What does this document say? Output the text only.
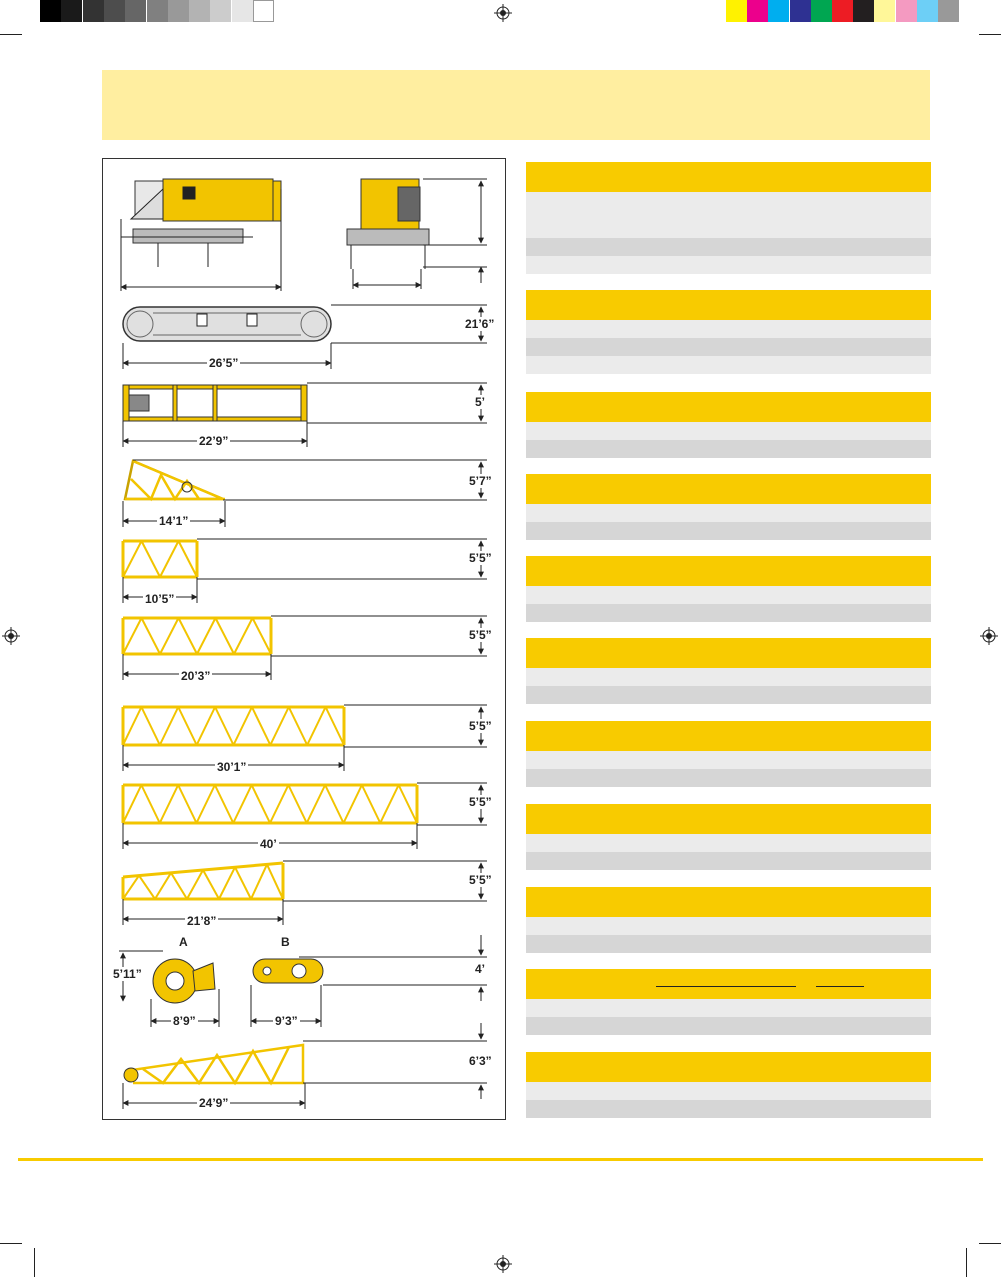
21’6”
26’5”
5’
22’9”
5’7”
14’1”
5’5”
10’5”
5’5”
20’3”
5’5”
30’1”
5’5”
40’
5’5”
21’8”
A	B
5’11”	4’
8’9”	9’3”
6’3”
24’9”
